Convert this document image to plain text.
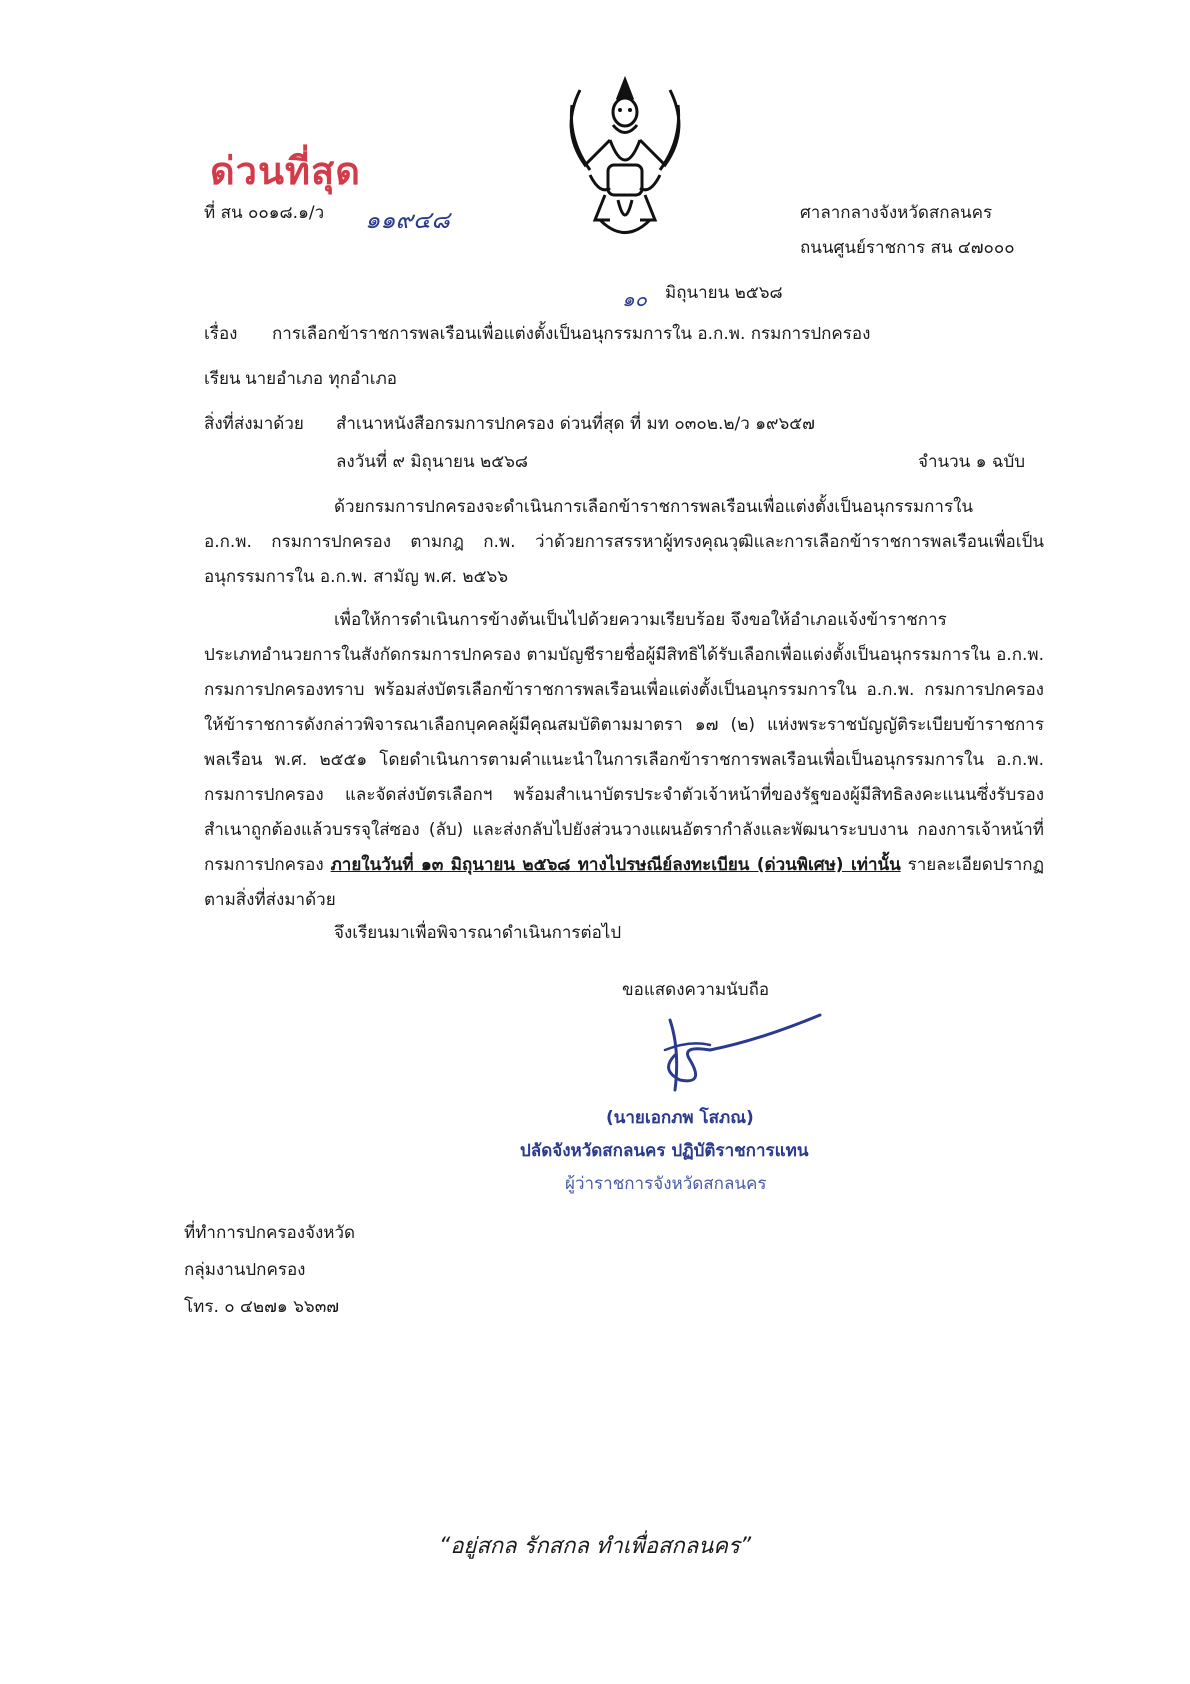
ด่วนที่สุด
ที่ สน ๐๐๑๘.๑/ว ๑๑๙๔๘	ศาลากลางจังหวัดสกลนคร
ถนนศูนย์ราชการ สน ๔๗๐๐๐
๑๐ มิถุนายน ๒๕๖๘
เรื่อง การเลือกข้าราชการพลเรือนเพื่อแต่งตั้งเป็นอนุกรรมการใน อ.ก.พ. กรมการปกครอง
เรียน นายอำเภอ ทุกอำเภอ
สิ่งที่ส่งมาด้วย สำเนาหนังสือกรมการปกครอง ด่วนที่สุด ที่ มท ๐๓๐๒.๒/ว ๑๙๖๕๗
ลงวันที่ ๙ มิถุนายน ๒๕๖๘	จำนวน ๑ ฉบับ
ด้วยกรมการปกครองจะดำเนินการเลือกข้าราชการพลเรือนเพื่อแต่งตั้งเป็นอนุกรรมการใน
อ.ก.พ. กรมการปกครอง ตามกฎ ก.พ. ว่าด้วยการสรรหาผู้ทรงคุณวุฒิและการเลือกข้าราชการพลเรือนเพื่อเป็นอนุกรรมการใน อ.ก.พ. สามัญ พ.ศ. ๒๕๖๖
เพื่อให้การดำเนินการข้างต้นเป็นไปด้วยความเรียบร้อย จึงขอให้อำเภอแจ้งข้าราชการ
ประเภทอำนวยการในสังกัดกรมการปกครอง ตามบัญชีรายชื่อผู้มีสิทธิได้รับเลือกเพื่อแต่งตั้งเป็นอนุกรรมการใน อ.ก.พ. กรมการปกครองทราบ พร้อมส่งบัตรเลือกข้าราชการพลเรือนเพื่อแต่งตั้งเป็นอนุกรรมการใน อ.ก.พ. กรมการปกครองให้ข้าราชการดังกล่าวพิจารณาเลือกบุคคลผู้มีคุณสมบัติตามมาตรา ๑๗ (๒) แห่งพระราชบัญญัติระเบียบข้าราชการพลเรือน พ.ศ. ๒๕๕๑ โดยดำเนินการตามคำแนะนำในการเลือกข้าราชการพลเรือนเพื่อเป็นอนุกรรมการใน อ.ก.พ. กรมการปกครอง และจัดส่งบัตรเลือกฯ พร้อมสำเนาบัตรประจำตัวเจ้าหน้าที่ของรัฐของผู้มีสิทธิลงคะแนนซึ่งรับรองสำเนาถูกต้องแล้วบรรจุใส่ซอง (ลับ) และส่งกลับไปยังส่วนวางแผนอัตรากำลังและพัฒนาระบบงาน กองการเจ้าหน้าที่ กรมการปกครอง ภายในวันที่ ๑๓ มิถุนายน ๒๕๖๘ ทางไปรษณีย์ลงทะเบียน (ด่วนพิเศษ) เท่านั้น รายละเอียดปรากฏตามสิ่งที่ส่งมาด้วย
จึงเรียนมาเพื่อพิจารณาดำเนินการต่อไป
ขอแสดงความนับถือ
(นายเอกภพ โสภณ)
ปลัดจังหวัดสกลนคร ปฏิบัติราชการแทน
ผู้ว่าราชการจังหวัดสกลนคร
ที่ทำการปกครองจังหวัด
กลุ่มงานปกครอง
โทร. ๐ ๔๒๗๑ ๖๖๓๗
“อยู่สกล รักสกล ทำเพื่อสกลนคร”
